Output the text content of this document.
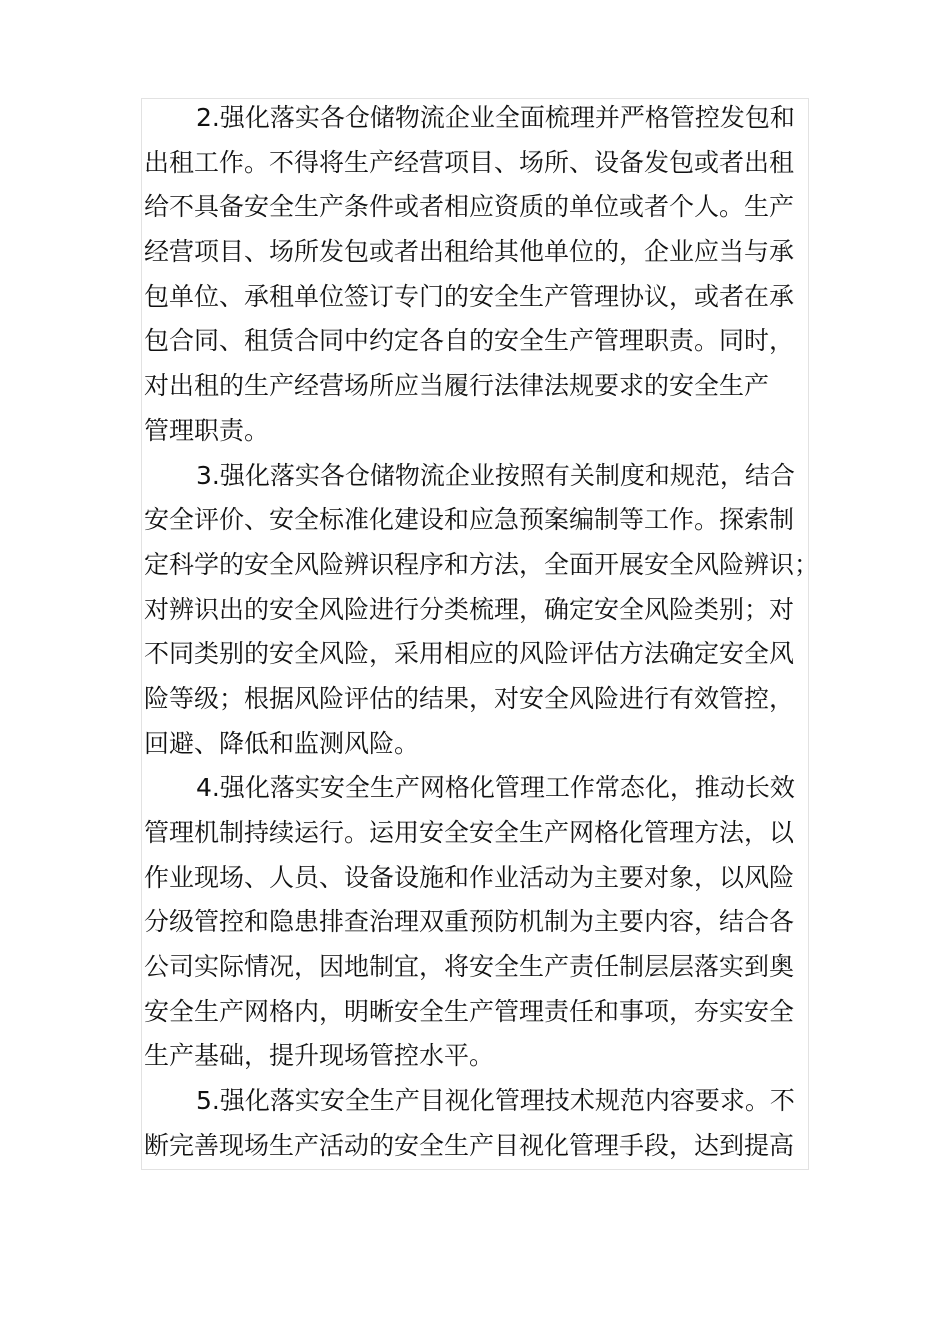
2.强化落实各仓储物流企业全面梳理并严格管控发包和
出租工作。不得将生产经营项目、场所、设备发包或者出租
给不具备安全生产条件或者相应资质的单位或者个人。生产
经营项目、场所发包或者出租给其他单位的，企业应当与承
包单位、承租单位签订专门的安全生产管理协议，或者在承
包合同、租赁合同中约定各自的安全生产管理职责。同时，
对出租的生产经营场所应当履行法律法规要求的安全生产
管理职责。
3.强化落实各仓储物流企业按照有关制度和规范，结合
安全评价、安全标准化建设和应急预案编制等工作。探索制
定科学的安全风险辨识程序和方法，全面开展安全风险辨识；
对辨识出的安全风险进行分类梳理，确定安全风险类别；对
不同类别的安全风险，采用相应的风险评估方法确定安全风
险等级；根据风险评估的结果，对安全风险进行有效管控，
回避、降低和监测风险。
4.强化落实安全生产网格化管理工作常态化，推动长效
管理机制持续运行。运用安全安全生产网格化管理方法，以
作业现场、人员、设备设施和作业活动为主要对象，以风险
分级管控和隐患排查治理双重预防机制为主要内容，结合各
公司实际情况，因地制宜，将安全生产责任制层层落实到奥
安全生产网格内，明晰安全生产管理责任和事项，夯实安全
生产基础，提升现场管控水平。
5.强化落实安全生产目视化管理技术规范内容要求。不
断完善现场生产活动的安全生产目视化管理手段，达到提高
